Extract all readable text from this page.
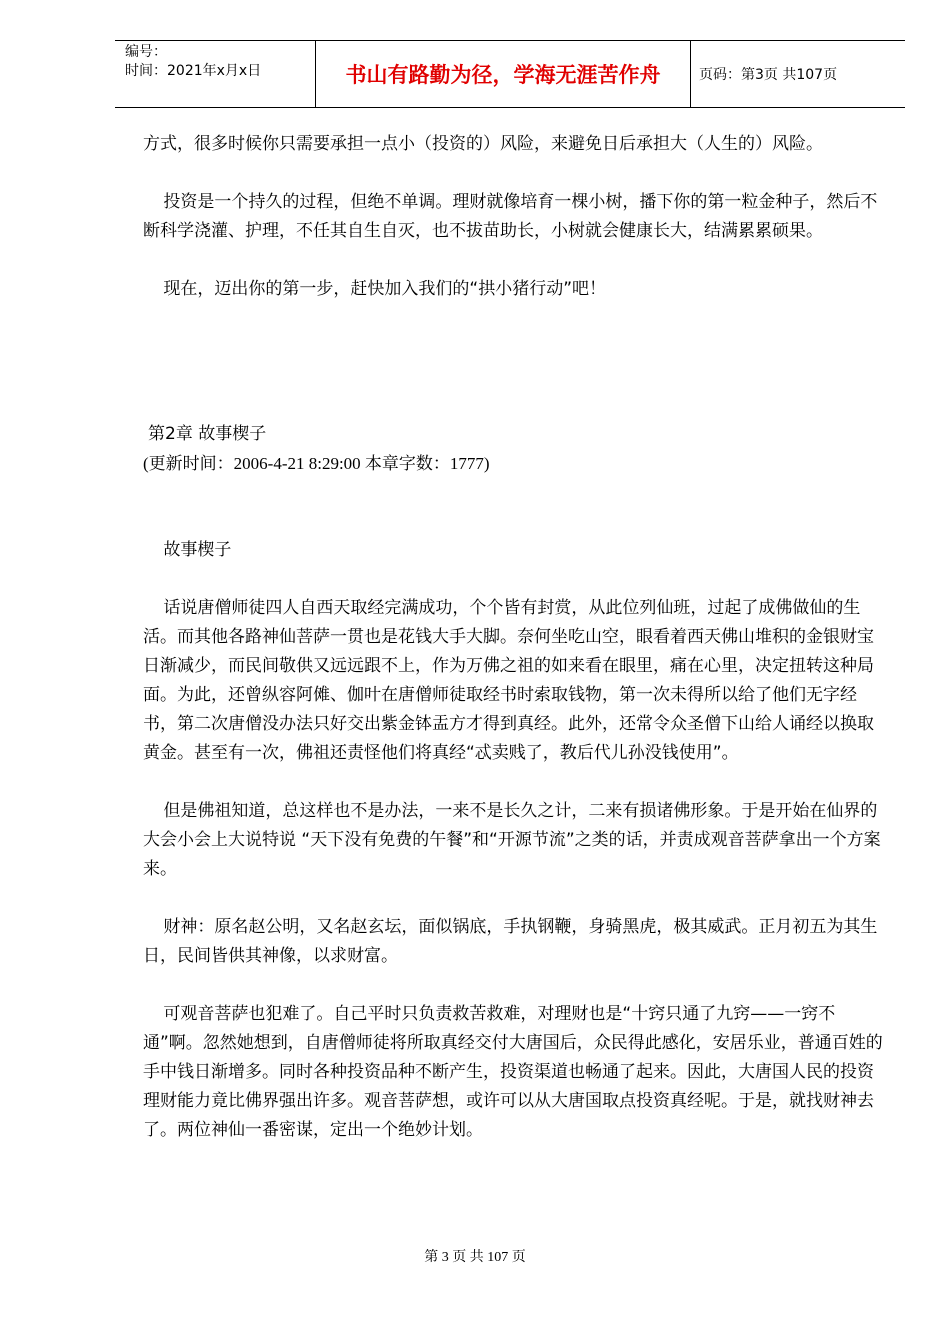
编号：
时间：2021年x月x日	书山有路勤为径，学海无涯苦作舟	页码：第3页 共107页

方式，很多时候你只需要承担一点小（投资的）风险，来避免日后承担大（人生的）风险。

投资是一个持久的过程，但绝不单调。理财就像培育一棵小树，播下你的第一粒金种子，然后不断科学浇灌、护理，不任其自生自灭，也不拔苗助长，小树就会健康长大，结满累累硕果。

现在，迈出你的第一步，赶快加入我们的“拱小猪行动”吧！

第2章 故事楔子

(更新时间：2006-4-21 8:29:00 本章字数：1777)

故事楔子

话说唐僧师徒四人自西天取经完满成功，个个皆有封赏，从此位列仙班，过起了成佛做仙的生活。而其他各路神仙菩萨一贯也是花钱大手大脚。奈何坐吃山空，眼看着西天佛山堆积的金银财宝日渐减少，而民间敬供又远远跟不上，作为万佛之祖的如来看在眼里，痛在心里，决定扭转这种局面。为此，还曾纵容阿傩、伽叶在唐僧师徒取经书时索取钱物，第一次未得所以给了他们无字经书，第二次唐僧没办法只好交出紫金钵盂方才得到真经。此外，还常令众圣僧下山给人诵经以换取黄金。甚至有一次，佛祖还责怪他们将真经“忒卖贱了，教后代儿孙没钱使用”。

但是佛祖知道，总这样也不是办法，一来不是长久之计，二来有损诸佛形象。于是开始在仙界的大会小会上大说特说 “天下没有免费的午餐”和“开源节流”之类的话，并责成观音菩萨拿出一个方案来。

财神：原名赵公明，又名赵玄坛，面似锅底，手执钢鞭，身骑黑虎，极其威武。正月初五为其生日，民间皆供其神像，以求财富。

可观音菩萨也犯难了。自己平时只负责救苦救难，对理财也是“十窍只通了九窍——一窍不通”啊。忽然她想到，自唐僧师徒将所取真经交付大唐国后，众民得此感化，安居乐业，普通百姓的手中钱日渐增多。同时各种投资品种不断产生，投资渠道也畅通了起来。因此，大唐国人民的投资理财能力竟比佛界强出许多。观音菩萨想，或许可以从大唐国取点投资真经呢。于是，就找财神去了。两位神仙一番密谋，定出一个绝妙计划。

第 3 页 共 107 页
